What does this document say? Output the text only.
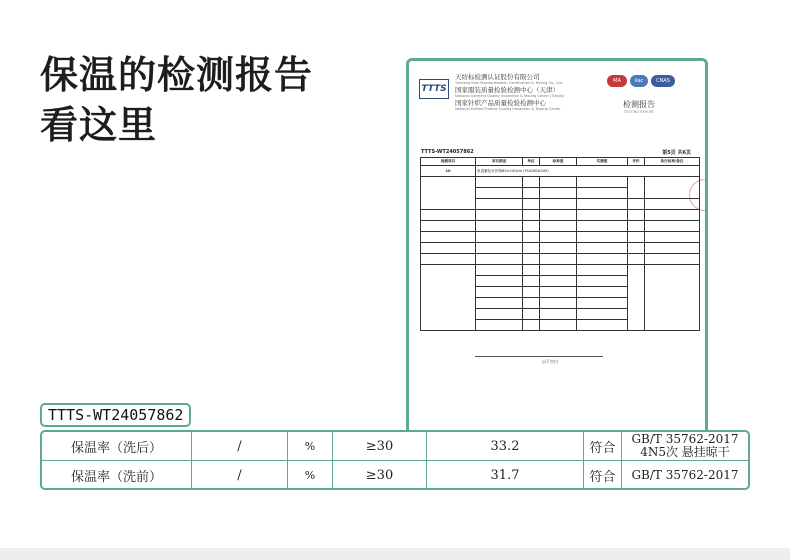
保温的检测报告
看这里
TTTS
天纺标检测认证股份有限公司
Tianfang Biao Standardization Certification & Testing Co., Ltd.
国家服装质量检验检测中心（天津）
National Garment Quality Inspection & Testing Center (Tianjin)
国家针织产品质量检验检测中心
National Knitted Product Quality Inspection & Testing Center
MA	ilac	CNAS
检测报告
TESTING REPORT
TTTS-WT24057862	第5页 共6页
检测项目	项目描述	单位	标准值	实测值	评价	执行标准/备注
10	里混紫色针织物80×100cm (FS40616345)					

以下空白
TTTS-WT24057862
保温率（洗后）	/	%	≥30	33.2	符合
GB/T 35762-2017
4N5次 悬挂晾干
保温率（洗前）	/	%	≥30	31.7	符合	GB/T 35762-2017
